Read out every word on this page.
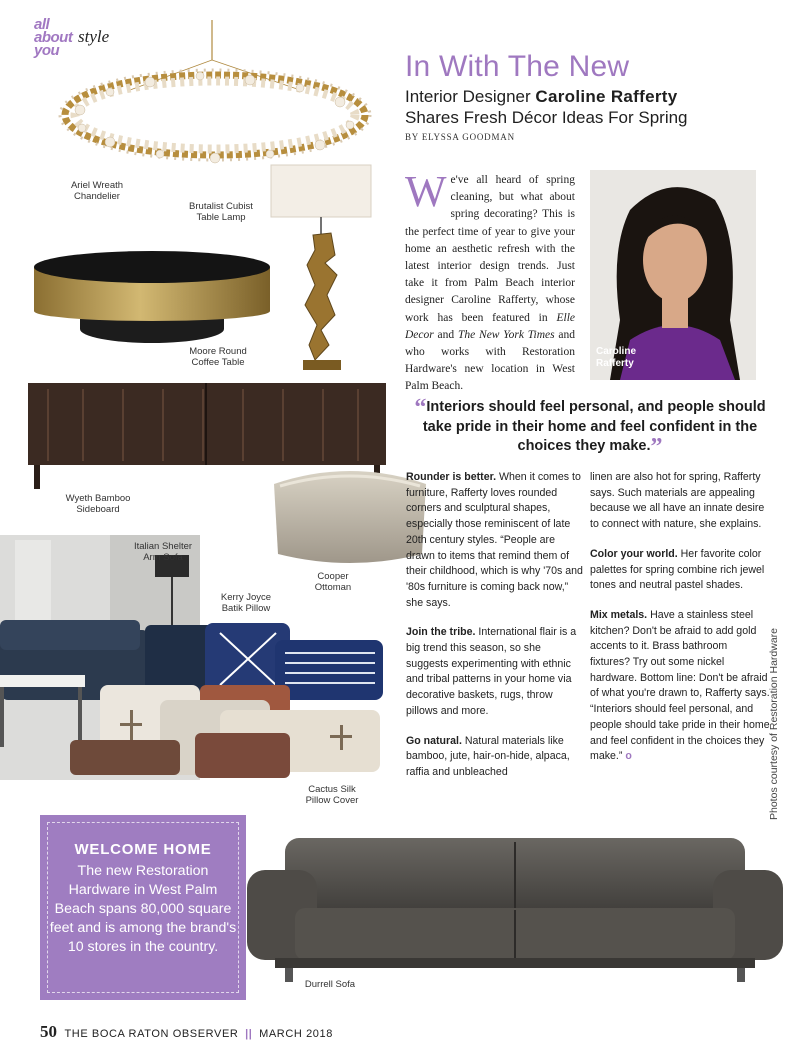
all
about
you
style
Ariel Wreath
Chandelier
Brutalist Cubist
Table Lamp
Moore Round
Coffee Table
Wyeth Bamboo
Sideboard
Cooper
Ottoman
Italian Shelter
Arm Sofa
Kerry Joyce
Batik Pillow
Cactus Silk
Pillow Cover
In With The New
Interior Designer Caroline Rafferty
Shares Fresh Décor Ideas For Spring
BY ELYSSA GOODMAN
We've all heard of spring cleaning, but what about spring decorating? This is the perfect time of year to give your home an aesthetic refresh with the latest interior design trends. Just take it from Palm Beach interior designer Caroline Rafferty, whose work has been featured in Elle Decor and The New York Times and who works with Restoration Hardware's new location in West Palm Beach.
Caroline
Rafferty
“Interiors should feel personal, and people should take pride in their home and feel confident in the choices they make.”

Rounder is better. When it comes to furniture, Rafferty loves rounded corners and sculptural shapes, especially those reminiscent of late 20th century styles. “People are drawn to items that remind them of their childhood, which is why '70s and '80s furniture is coming back now,” she says.

Join the tribe. International flair is a big trend this season, so she suggests experimenting with ethnic and tribal patterns in your home via decorative baskets, rugs, throw pillows and more.

Go natural. Natural materials like bamboo, jute, hair-on-hide, alpaca, raffia and unbleached

linen are also hot for spring, Rafferty says. Such materials are appealing because we all have an innate desire to connect with nature, she explains.

Color your world. Her favorite color palettes for spring combine rich jewel tones and neutral pastel shades.

Mix metals. Have a stainless steel kitchen? Don't be afraid to add gold accents to it. Brass bathroom fixtures? Try out some nickel hardware. Bottom line: Don't be afraid of what you're drawn to, Rafferty says. “Interiors should feel personal, and people should take pride in their home and feel confident in the choices they make.” o	Photos courtesy of Restoration Hardware
WELCOME HOME
The new Restoration Hardware in West Palm Beach spans 80,000 square feet and is among the brand's 10 stores in the country.
Durrell Sofa
50 THE BOCA RATON OBSERVER || MARCH 2018
